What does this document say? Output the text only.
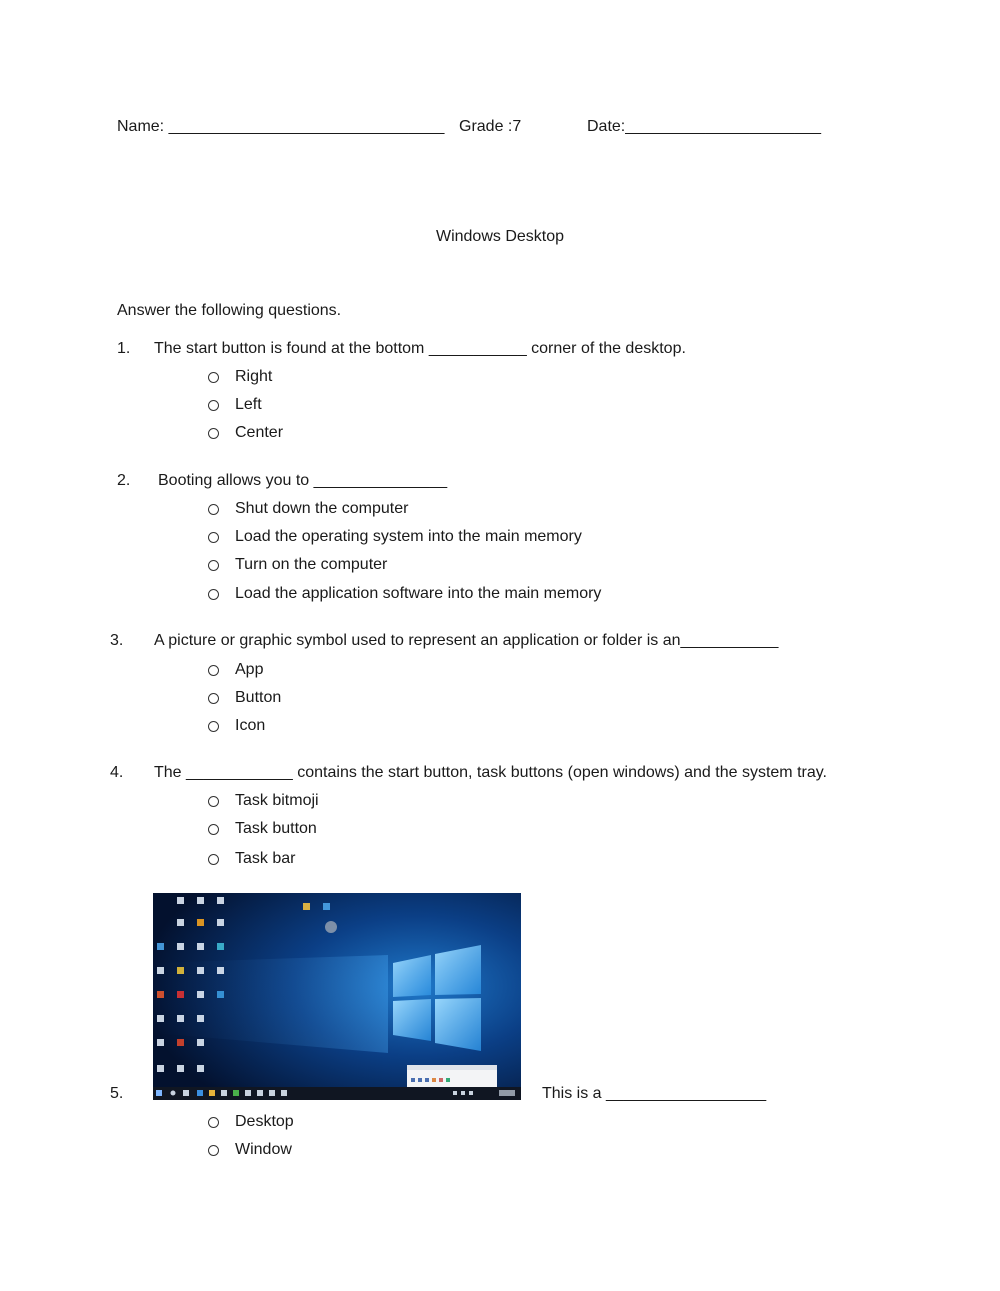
Name: _______________________________ Grade :7	Date:______________________
Windows Desktop
Answer the following questions.
1. The start button is found at the bottom ___________ corner of the desktop.
Right
Left
Center
2. Booting allows you to _______________
Shut down the computer
Load the operating system into the main memory
Turn on the computer
Load the application software into the main memory
3. A picture or graphic symbol used to represent an application or folder is an___________
App
Button
Icon
4. The ____________ contains the start button, task buttons (open windows) and the system tray.
Task bitmoji
Task button
Task bar
5.	This is a __________________
Desktop
Window
